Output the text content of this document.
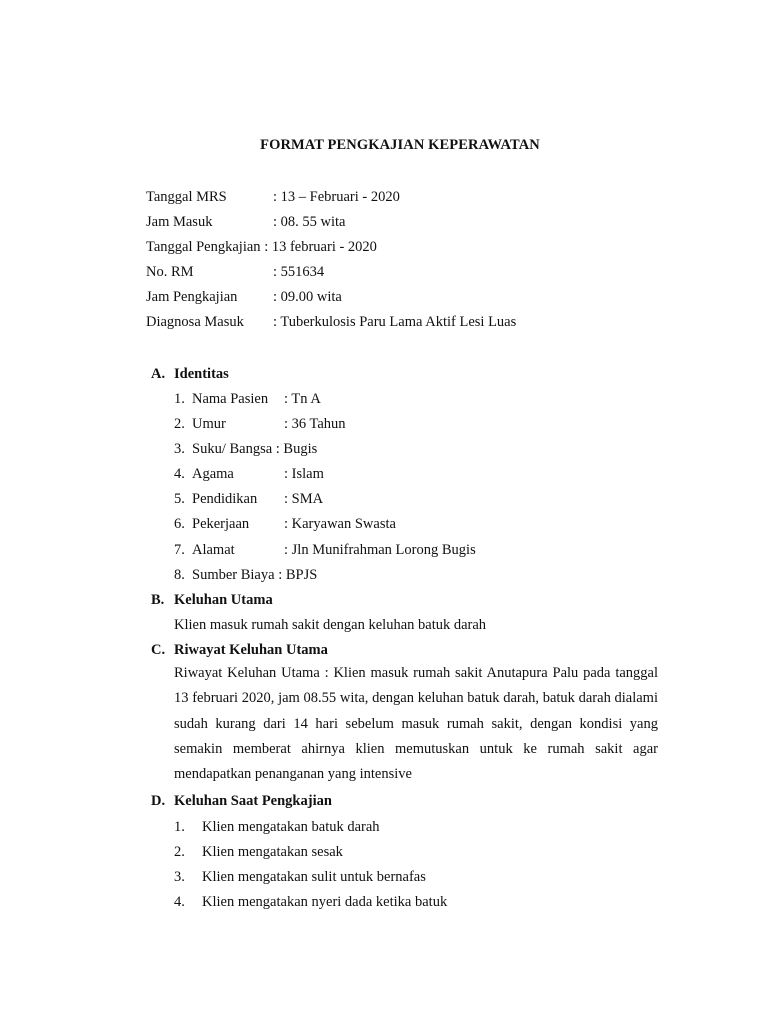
FORMAT PENGKAJIAN KEPERAWATAN
Tanggal MRS	: 13 – Februari - 2020
Jam Masuk	: 08. 55 wita
Tanggal Pengkajian : 13 februari - 2020
No. RM	: 551634
Jam Pengkajian : 09.00 wita
Diagnosa Masuk : Tuberkulosis Paru Lama Aktif Lesi Luas
A. Identitas
1. Nama Pasien : Tn A
2. Umur	: 36 Tahun
3. Suku/ Bangsa : Bugis
4. Agama	: Islam
5. Pendidikan : SMA
6. Pekerjaan : Karyawan Swasta
7. Alamat	: Jln Munifrahman Lorong Bugis
8. Sumber Biaya : BPJS
B. Keluhan Utama
Klien masuk rumah sakit dengan keluhan batuk darah
C. Riwayat Keluhan Utama
Riwayat Keluhan Utama : Klien masuk rumah sakit Anutapura Palu pada tanggal 13 februari 2020, jam 08.55 wita, dengan keluhan batuk darah, batuk darah dialami sudah kurang dari 14 hari sebelum masuk rumah sakit, dengan kondisi yang semakin memberat ahirnya klien memutuskan untuk ke rumah sakit agar mendapatkan penanganan yang intensive
D. Keluhan Saat Pengkajian
1. Klien mengatakan batuk darah
2. Klien mengatakan sesak
3. Klien mengatakan sulit untuk bernafas
4. Klien mengatakan nyeri dada ketika batuk
